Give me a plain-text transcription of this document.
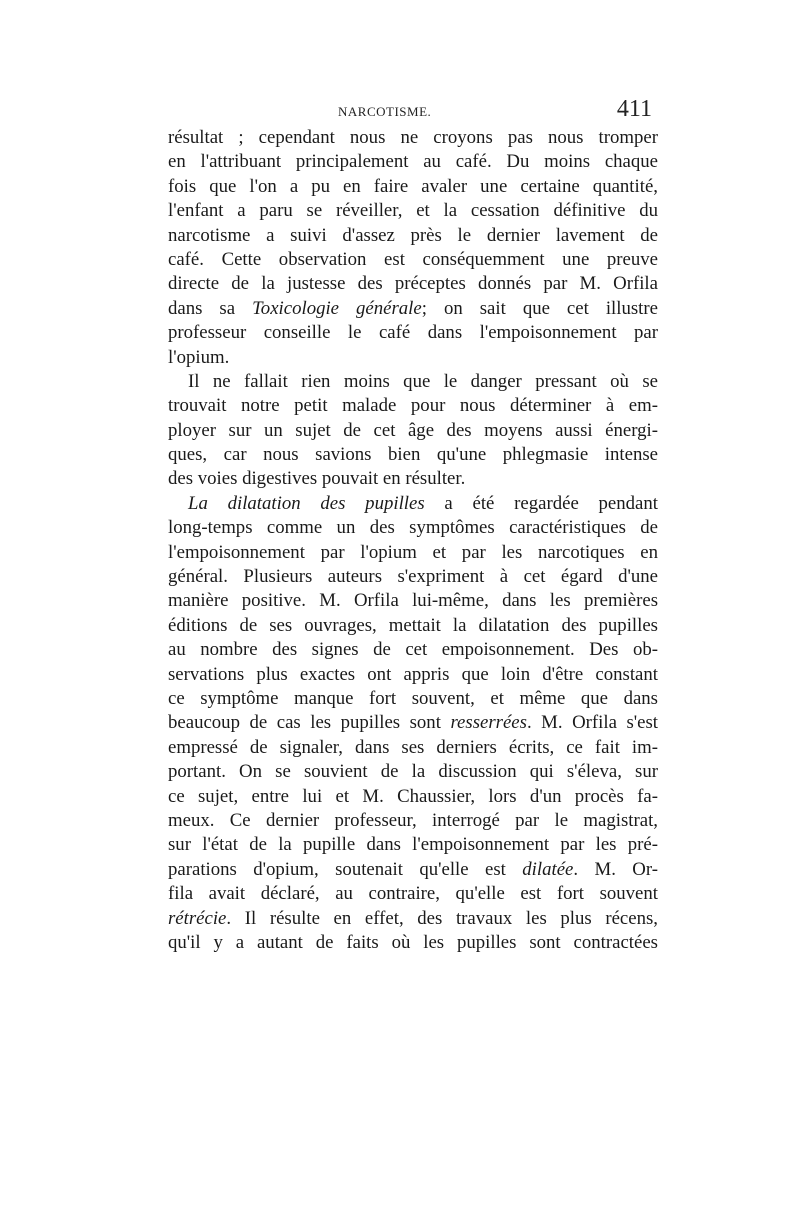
NARCOTISME.	411
résultat ; cependant nous ne croyons pas nous tromper
en l'attribuant principalement au café. Du moins chaque
fois que l'on a pu en faire avaler une certaine quantité,
l'enfant a paru se réveiller, et la cessation définitive du
narcotisme a suivi d'assez près le dernier lavement de
café. Cette observation est conséquemment une preuve
directe de la justesse des préceptes donnés par M. Orfila
dans sa Toxicologie générale; on sait que cet illustre
professeur conseille le café dans l'empoisonnement par
l'opium.
Il ne fallait rien moins que le danger pressant où se
trouvait notre petit malade pour nous déterminer à em-
ployer sur un sujet de cet âge des moyens aussi énergi-
ques, car nous savions bien qu'une phlegmasie intense
des voies digestives pouvait en résulter.
La dilatation des pupilles a été regardée pendant
long-temps comme un des symptômes caractéristiques de
l'empoisonnement par l'opium et par les narcotiques en
général. Plusieurs auteurs s'expriment à cet égard d'une
manière positive. M. Orfila lui-même, dans les premières
éditions de ses ouvrages, mettait la dilatation des pupilles
au nombre des signes de cet empoisonnement. Des ob-
servations plus exactes ont appris que loin d'être constant
ce symptôme manque fort souvent, et même que dans
beaucoup de cas les pupilles sont resserrées. M. Orfila s'est
empressé de signaler, dans ses derniers écrits, ce fait im-
portant. On se souvient de la discussion qui s'éleva, sur
ce sujet, entre lui et M. Chaussier, lors d'un procès fa-
meux. Ce dernier professeur, interrogé par le magistrat,
sur l'état de la pupille dans l'empoisonnement par les pré-
parations d'opium, soutenait qu'elle est dilatée. M. Or-
fila avait déclaré, au contraire, qu'elle est fort souvent
rétrécie. Il résulte en effet, des travaux les plus récens,
qu'il y a autant de faits où les pupilles sont contractées
